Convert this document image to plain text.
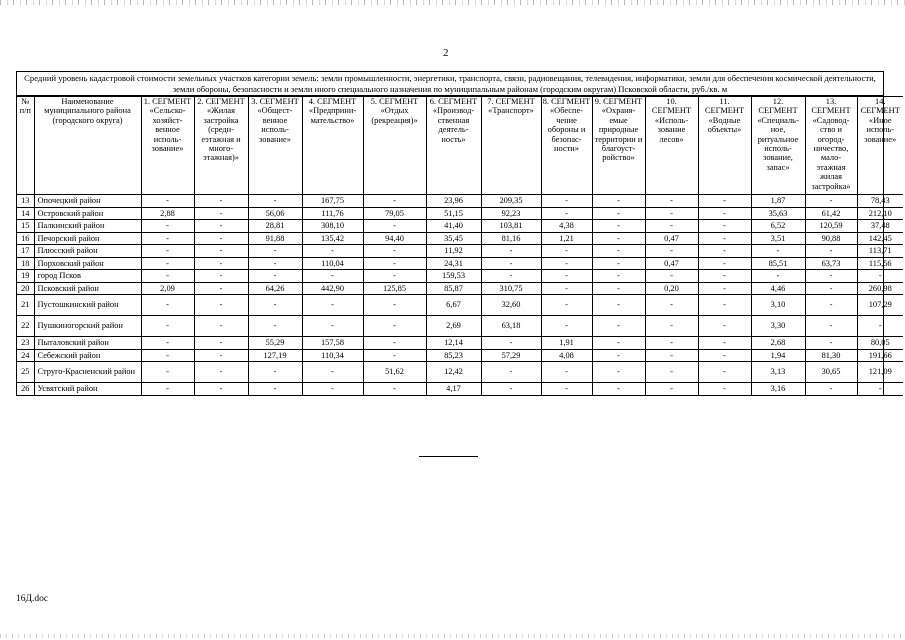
2
Средний уровень кадастровой стоимости земельных участков категории земель: земли промышленности, энергетики, транспорта, связи, радиовещания, телевидения, информатики, земли для обеспечения космической деятельности, земли обороны, безопасности и земли иного специального назначения по муниципальным районам (городским округам) Псковской области, руб./кв. м
№ п/п	Наименование муниципального района (городского округа)	1. СЕГМЕНТ «Сельско-хозяйст-венное исполь-зование»	2. СЕГМЕНТ «Жилая застройка (средн-еэтажная и много-этажная)»	3. СЕГМЕНТ «Общест-венное исполь-зование»	4. СЕГМЕНТ «Предприни-мательство»	5. СЕГМЕНТ «Отдых (рекреация)»	6. СЕГМЕНТ «Производ-ственная деятель-ность»	7. СЕГМЕНТ «Транспорт»	8. СЕГМЕНТ «Обеспе-чение обороны и безопас-ности»	9. СЕГМЕНТ «Охраня-емые природные территории и благоуст-ройство»	10. СЕГМЕНТ «Исполь-зование лесов»	11. СЕГМЕНТ «Водные объекты»	12. СЕГМЕНТ «Специаль-ное, ритуальное исполь-зование, запас»	13. СЕГМЕНТ «Садовод-ство и огород-ничество, мало-этажная жилая застройка»	14. СЕГМЕНТ «Иное исполь-зование»
13	Опочецкий район	-	-	-	167,75	-	23,96	209,35	-	-	-	-	1,87	-	78,43
14	Островский район	2,88	-	56,06	111,76	79,05	51,15	92,23	-	-	-	-	35,63	61,42	212,10
15	Палкинский район	-	-	28,81	308,10	-	41,40	103,81	4,38	-	-	-	6,52	120,59	37,48
16	Печорский район	-	-	91,88	135,42	94,40	35,45	81,16	1,21	-	0,47	-	3,51	90,88	142,45
17	Плюсский район	-	-	-	-	-	11,92	-	-	-	-	-	-	-	113,71
18	Порховский район	-	-	-	110,04	-	24,31	-	-	-	0,47	-	85,51	63,73	115,56
19	город Псков	-	-	-	-	-	159,53	-	-	-	-	-	-	-	-
20	Псковский район	2,09	-	64,26	442,90	125,85	85,87	310,75	-	-	0,20	-	4,46	-	260,98
21	Пустошкинский район	-	-	-	-	-	6,67	32,60	-	-	-	-	3,10	-	107,29
22	Пушкиногорский район	-	-	-	-	-	2,69	63,18	-	-	-	-	3,30	-	-
23	Пыталовский район	-	-	55,29	157,58	-	12,14	-	1,91	-	-	-	2,68	-	80,05
24	Себежский район	-	-	127,19	110,34	-	85,23	57,29	4,08	-	-	-	1,94	81,30	191,66
25	Струго-Красненский район	-	-	-	-	51,62	12,42	-	-	-	-	-	3,13	30,65	121,09
26	Усвятский район	-	-	-	-	-	4,17	-	-	-	-	-	3,16	-	-
16Д.doc
